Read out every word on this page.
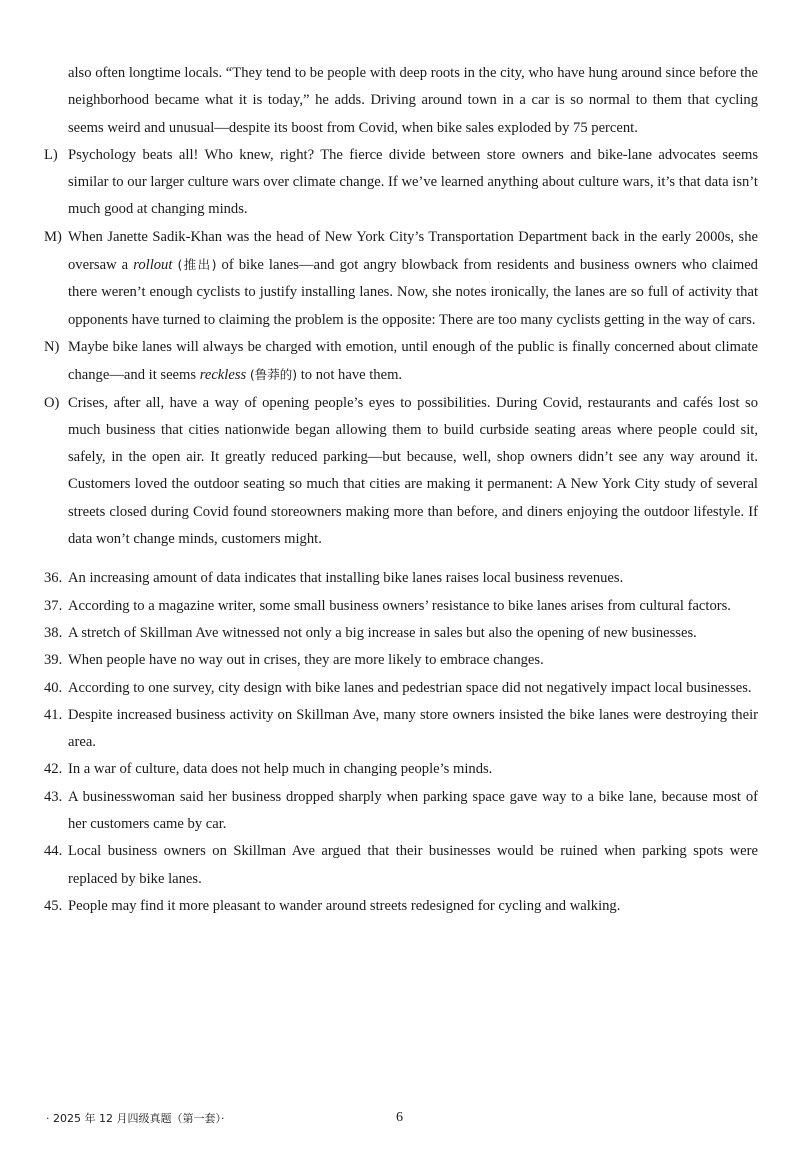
also often longtime locals. “They tend to be people with deep roots in the city, who have hung around since before the neighborhood became what it is today,” he adds. Driving around town in a car is so normal to them that cycling seems weird and unusual—despite its boost from Covid, when bike sales exploded by 75 percent.

L) Psychology beats all! Who knew, right? The fierce divide between store owners and bike-lane advocates seems similar to our larger culture wars over climate change. If we’ve learned anything about culture wars, it’s that data isn’t much good at changing minds.

M) When Janette Sadik-Khan was the head of New York City’s Transportation Department back in the early 2000s, she oversaw a rollout (推出) of bike lanes—and got angry blowback from residents and business owners who claimed there weren’t enough cyclists to justify installing lanes. Now, she notes ironically, the lanes are so full of activity that opponents have turned to claiming the problem is the opposite: There are too many cyclists getting in the way of cars.

N) Maybe bike lanes will always be charged with emotion, until enough of the public is finally concerned about climate change—and it seems reckless (鲁莽的) to not have them.

O) Crises, after all, have a way of opening people’s eyes to possibilities. During Covid, restaurants and cafés lost so much business that cities nationwide began allowing them to build curbside seating areas where people could sit, safely, in the open air. It greatly reduced parking—but because, well, shop owners didn’t see any way around it. Customers loved the outdoor seating so much that cities are making it permanent: A New York City study of several streets closed during Covid found storeowners making more than before, and diners enjoying the outdoor lifestyle. If data won’t change minds, customers might.

36. An increasing amount of data indicates that installing bike lanes raises local business revenues.

37. According to a magazine writer, some small business owners’ resistance to bike lanes arises from cultural factors.

38. A stretch of Skillman Ave witnessed not only a big increase in sales but also the opening of new businesses.

39. When people have no way out in crises, they are more likely to embrace changes.

40. According to one survey, city design with bike lanes and pedestrian space did not negatively impact local businesses.

41. Despite increased business activity on Skillman Ave, many store owners insisted the bike lanes were destroying their area.

42. In a war of culture, data does not help much in changing people’s minds.

43. A businesswoman said her business dropped sharply when parking space gave way to a bike lane, because most of her customers came by car.

44. Local business owners on Skillman Ave argued that their businesses would be ruined when parking spots were replaced by bike lanes.

45. People may find it more pleasant to wander around streets redesigned for cycling and walking.

· 2025 年 12 月四级真题（第一套）·	6
